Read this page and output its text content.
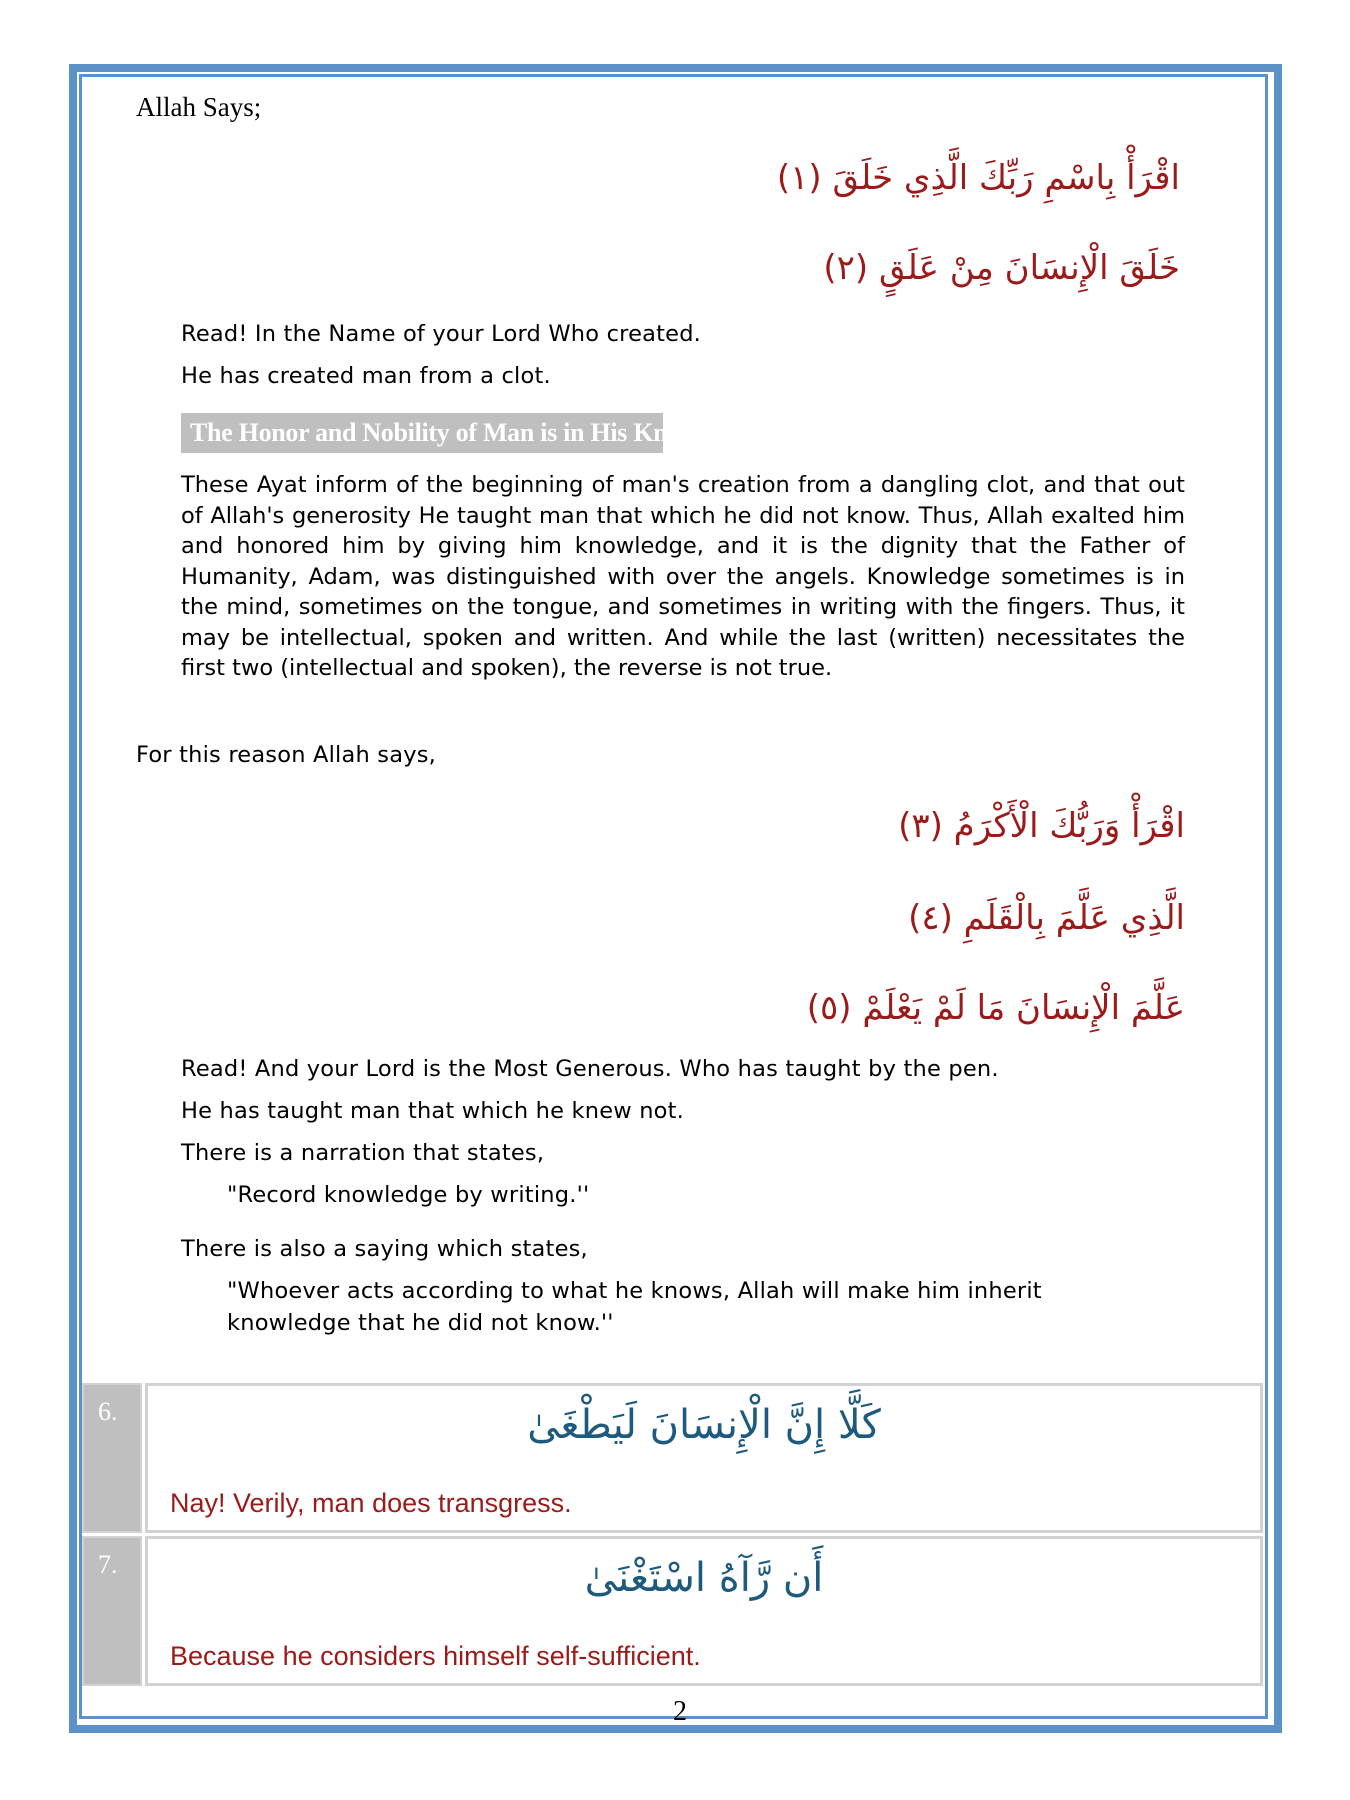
Allah Says;

اقْرَأْ بِاسْمِ رَبِّكَ الَّذِي خَلَقَ (١)

خَلَقَ الْإِنسَانَ مِنْ عَلَقٍ (٢)

Read! In the Name of your Lord Who created.

He has created man from a clot.

The Honor and Nobility of Man is in His Knowledge

These Ayat inform of the beginning of man's creation from a dangling clot, and that out of Allah's generosity He taught man that which he did not know. Thus, Allah exalted him and honored him by giving him knowledge, and it is the dignity that the Father of Humanity, Adam, was distinguished with over the angels. Knowledge sometimes is in the mind, sometimes on the tongue, and sometimes in writing with the fingers. Thus, it may be intellectual, spoken and written. And while the last (written) necessitates the first two (intellectual and spoken), the reverse is not true.

For this reason Allah says,

اقْرَأْ وَرَبُّكَ الْأَكْرَمُ (٣)

الَّذِي عَلَّمَ بِالْقَلَمِ (٤)

عَلَّمَ الْإِنسَانَ مَا لَمْ يَعْلَمْ (٥)

Read! And your Lord is the Most Generous. Who has taught by the pen.

He has taught man that which he knew not.

There is a narration that states,

"Record knowledge by writing.''

There is also a saying which states,

"Whoever acts according to what he knows, Allah will make him inherit

knowledge that he did not know.''

6.	كَلَّا إِنَّ الْإِنسَانَ لَيَطْغَىٰ
Nay! Verily, man does transgress.
7.	أَن رَّآهُ اسْتَغْنَىٰ
Because he considers himself self-sufficient.

2
